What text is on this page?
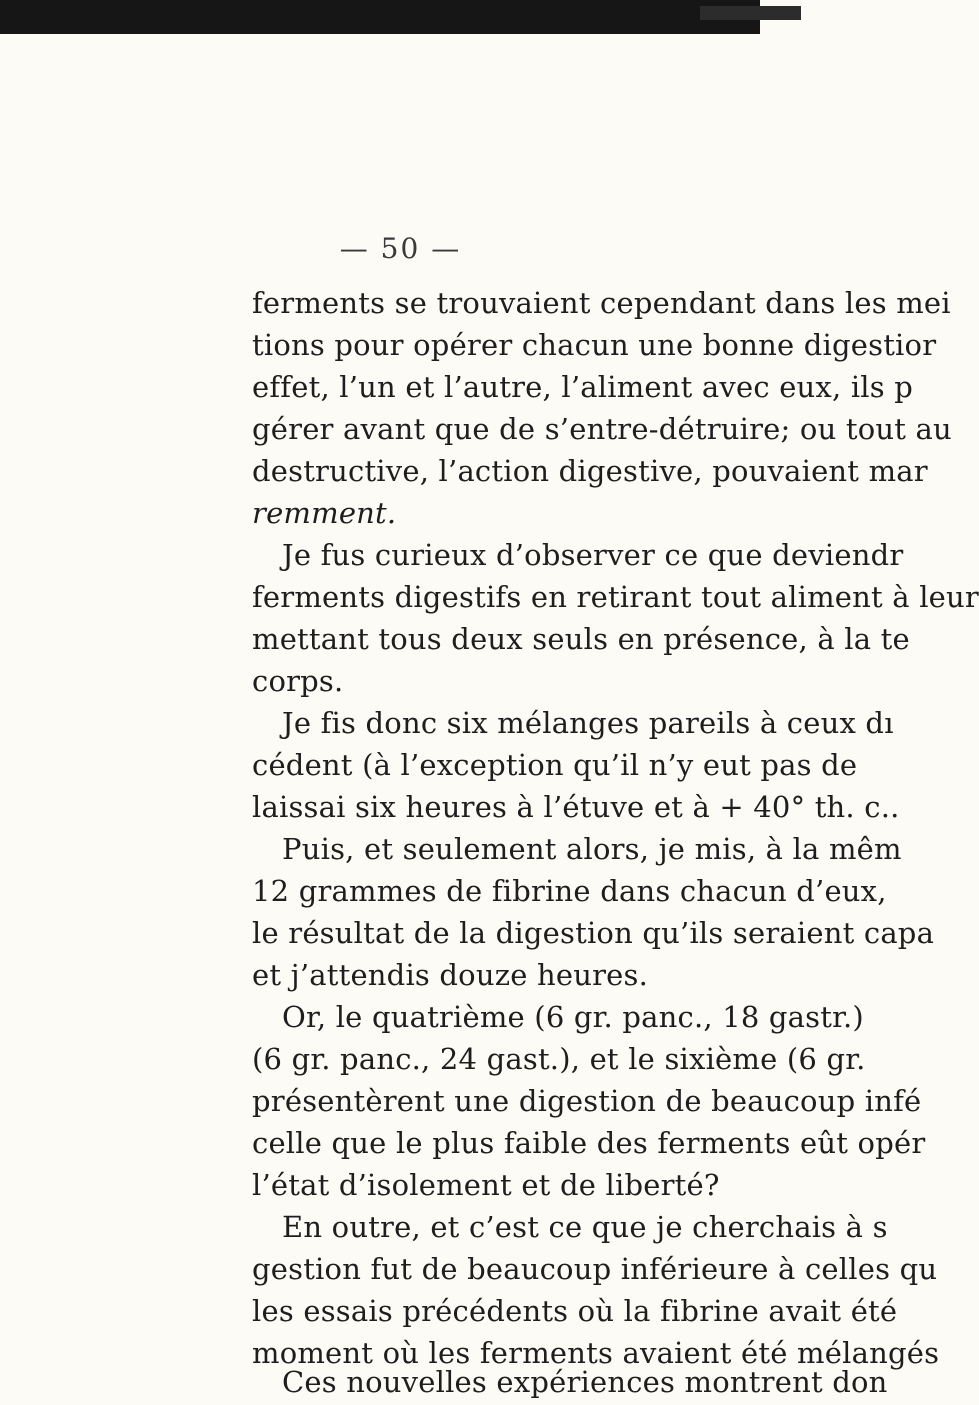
— 50 —
ferments se trouvaient cependant dans les mei
tions pour opérer chacun une bonne digestior
effet, l’un et l’autre, l’aliment avec eux, ils p
gérer avant que de s’entre-détruire; ou tout au
destructive, l’action digestive, pouvaient mar
remment.
Je fus curieux d’observer ce que deviendr
ferments digestifs en retirant tout aliment à leur
mettant tous deux seuls en présence, à la te
corps.
Je fis donc six mélanges pareils à ceux dı
cédent (à l’exception qu’il n’y eut pas de
laissai six heures à l’étuve et à + 40° th. c..
Puis, et seulement alors, je mis, à la mêm
12 grammes de fibrine dans chacun d’eux,
le résultat de la digestion qu’ils seraient capa
et j’attendis douze heures.
Or, le quatrième (6 gr. panc., 18 gastr.)
(6 gr. panc., 24 gast.), et le sixième (6 gr.
présentèrent une digestion de beaucoup infé
celle que le plus faible des ferments eût opér
l’état d’isolement et de liberté?
En outre, et c’est ce que je cherchais à s
gestion fut de beaucoup inférieure à celles qu
les essais précédents où la fibrine avait été
moment où les ferments avaient été mélangés
Ces nouvelles expériences montrent don
